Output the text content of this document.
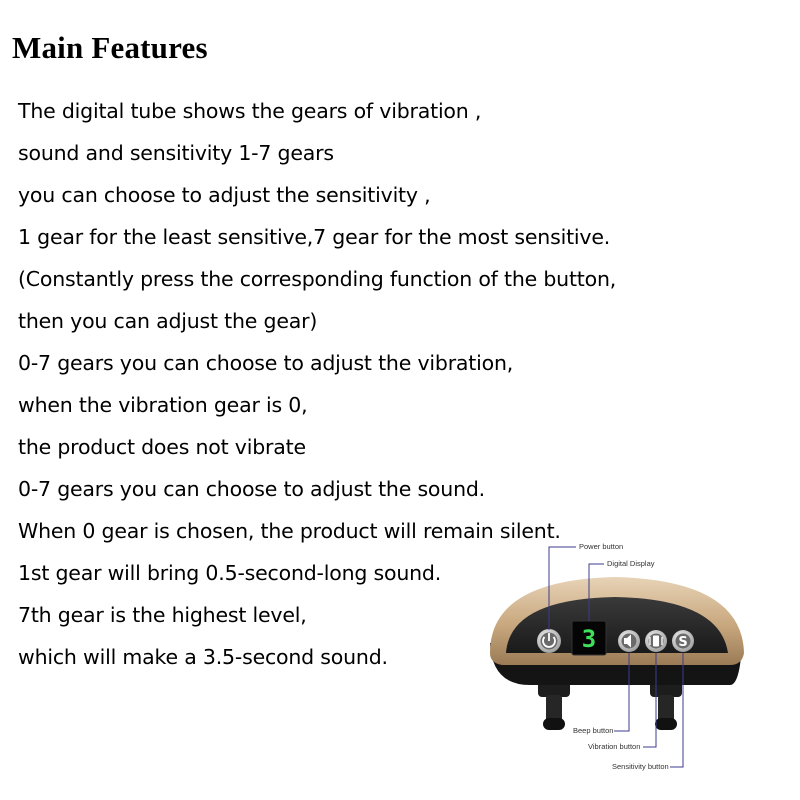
Main Features
The digital tube shows the gears of vibration ,
sound and sensitivity 1-7 gears
you can choose to adjust the sensitivity ,
1 gear for the least sensitive,7 gear for the most sensitive.
(Constantly press the corresponding function of the button,
then you can adjust the gear)
0-7 gears you can choose to adjust the vibration,
when the vibration gear is 0,
the product does not vibrate
0-7 gears you can choose to adjust the sound.
When 0 gear is chosen, the product will remain silent.
1st gear will bring 0.5-second-long sound.
7th gear is the highest level,
which will make a 3.5-second sound.
3	S
Power button
Digital Display
Beep button
Vibration button
Sensitivity button
